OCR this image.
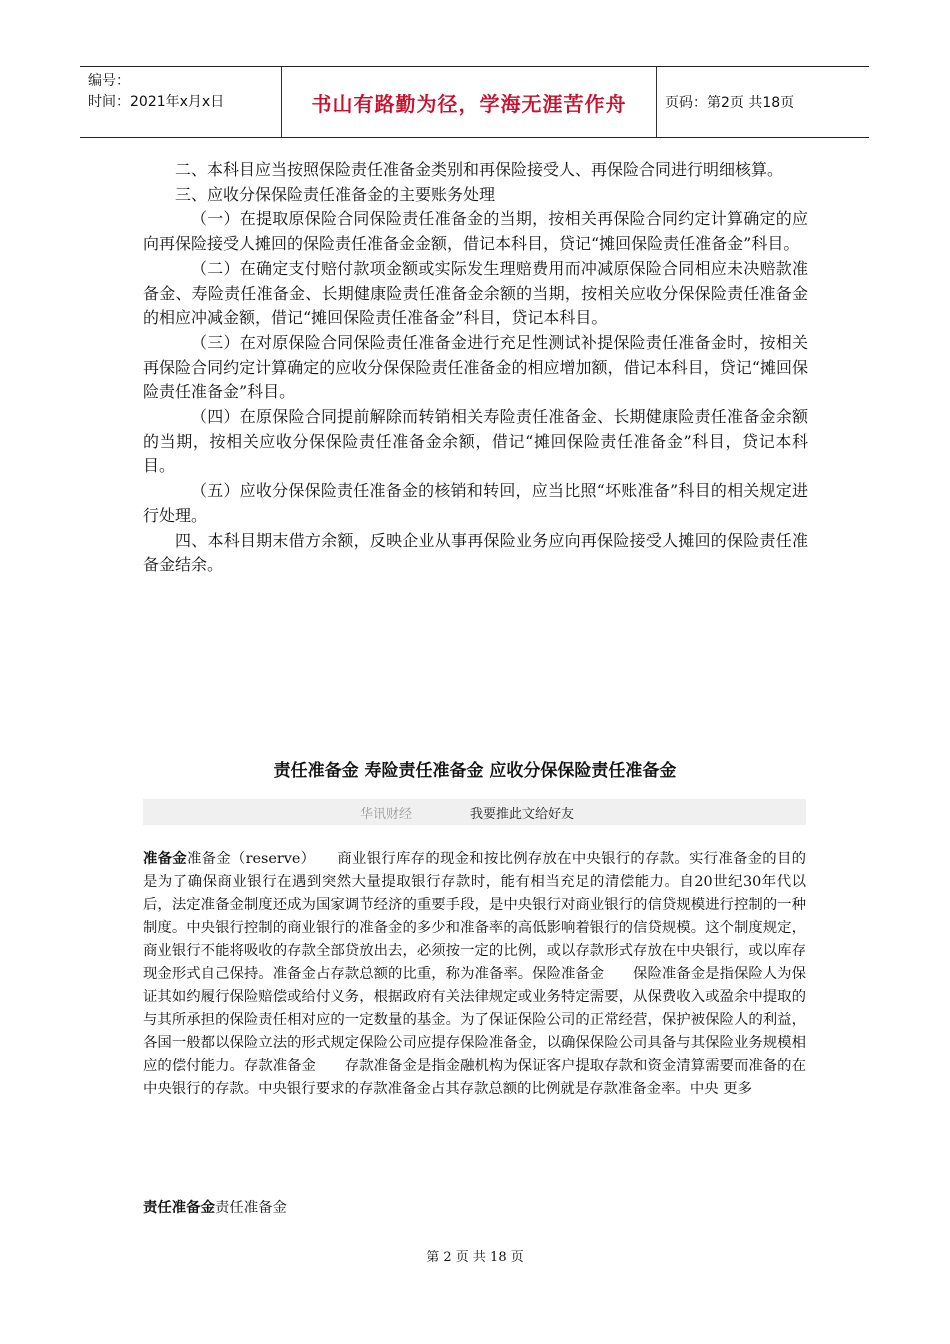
编号：
时间：2021年x月x日	书山有路勤为径，学海无涯苦作舟	页码：第2页 共18页

二、本科目应当按照保险责任准备金类别和再保险接受人、再保险合同进行明细核算。

三、应收分保保险责任准备金的主要账务处理

（一）在提取原保险合同保险责任准备金的当期，按相关再保险合同约定计算确定的应向再保险接受人摊回的保险责任准备金金额，借记本科目，贷记“摊回保险责任准备金”科目。

（二）在确定支付赔付款项金额或实际发生理赔费用而冲减原保险合同相应未决赔款准备金、寿险责任准备金、长期健康险责任准备金余额的当期，按相关应收分保保险责任准备金的相应冲减金额，借记“摊回保险责任准备金”科目，贷记本科目。

（三）在对原保险合同保险责任准备金进行充足性测试补提保险责任准备金时，按相关再保险合同约定计算确定的应收分保保险责任准备金的相应增加额，借记本科目，贷记“摊回保险责任准备金”科目。

（四）在原保险合同提前解除而转销相关寿险责任准备金、长期健康险责任准备金余额的当期，按相关应收分保保险责任准备金余额，借记“摊回保险责任准备金”科目，贷记本科目。

（五）应收分保保险责任准备金的核销和转回，应当比照“坏账准备”科目的相关规定进行处理。

四、本科目期末借方余额，反映企业从事再保险业务应向再保险接受人摊回的保险责任准备金结余。

责任准备金 寿险责任准备金 应收分保保险责任准备金
华讯财经	我要推此文给好友

准备金准备金（reserve）　　商业银行库存的现金和按比例存放在中央银行的存款。实行准备金的目的是为了确保商业银行在遇到突然大量提取银行存款时，能有相当充足的清偿能力。自20世纪30年代以后，法定准备金制度还成为国家调节经济的重要手段，是中央银行对商业银行的信贷规模进行控制的一种制度。中央银行控制的商业银行的准备金的多少和准备率的高低影响着银行的信贷规模。这个制度规定，商业银行不能将吸收的存款全部贷放出去，必须按一定的比例，或以存款形式存放在中央银行，或以库存现金形式自己保持。准备金占存款总额的比重，称为准备率。保险准备金　　保险准备金是指保险人为保证其如约履行保险赔偿或给付义务，根据政府有关法律规定或业务特定需要，从保费收入或盈余中提取的与其所承担的保险责任相对应的一定数量的基金。为了保证保险公司的正常经营，保护被保险人的利益，各国一般都以保险立法的形式规定保险公司应提存保险准备金，以确保保险公司具备与其保险业务规模相应的偿付能力。存款准备金　　存款准备金是指金融机构为保证客户提取存款和资金清算需要而准备的在中央银行的存款。中央银行要求的存款准备金占其存款总额的比例就是存款准备金率。中央 更多

责任准备金责任准备金
第 2 页 共 18 页
